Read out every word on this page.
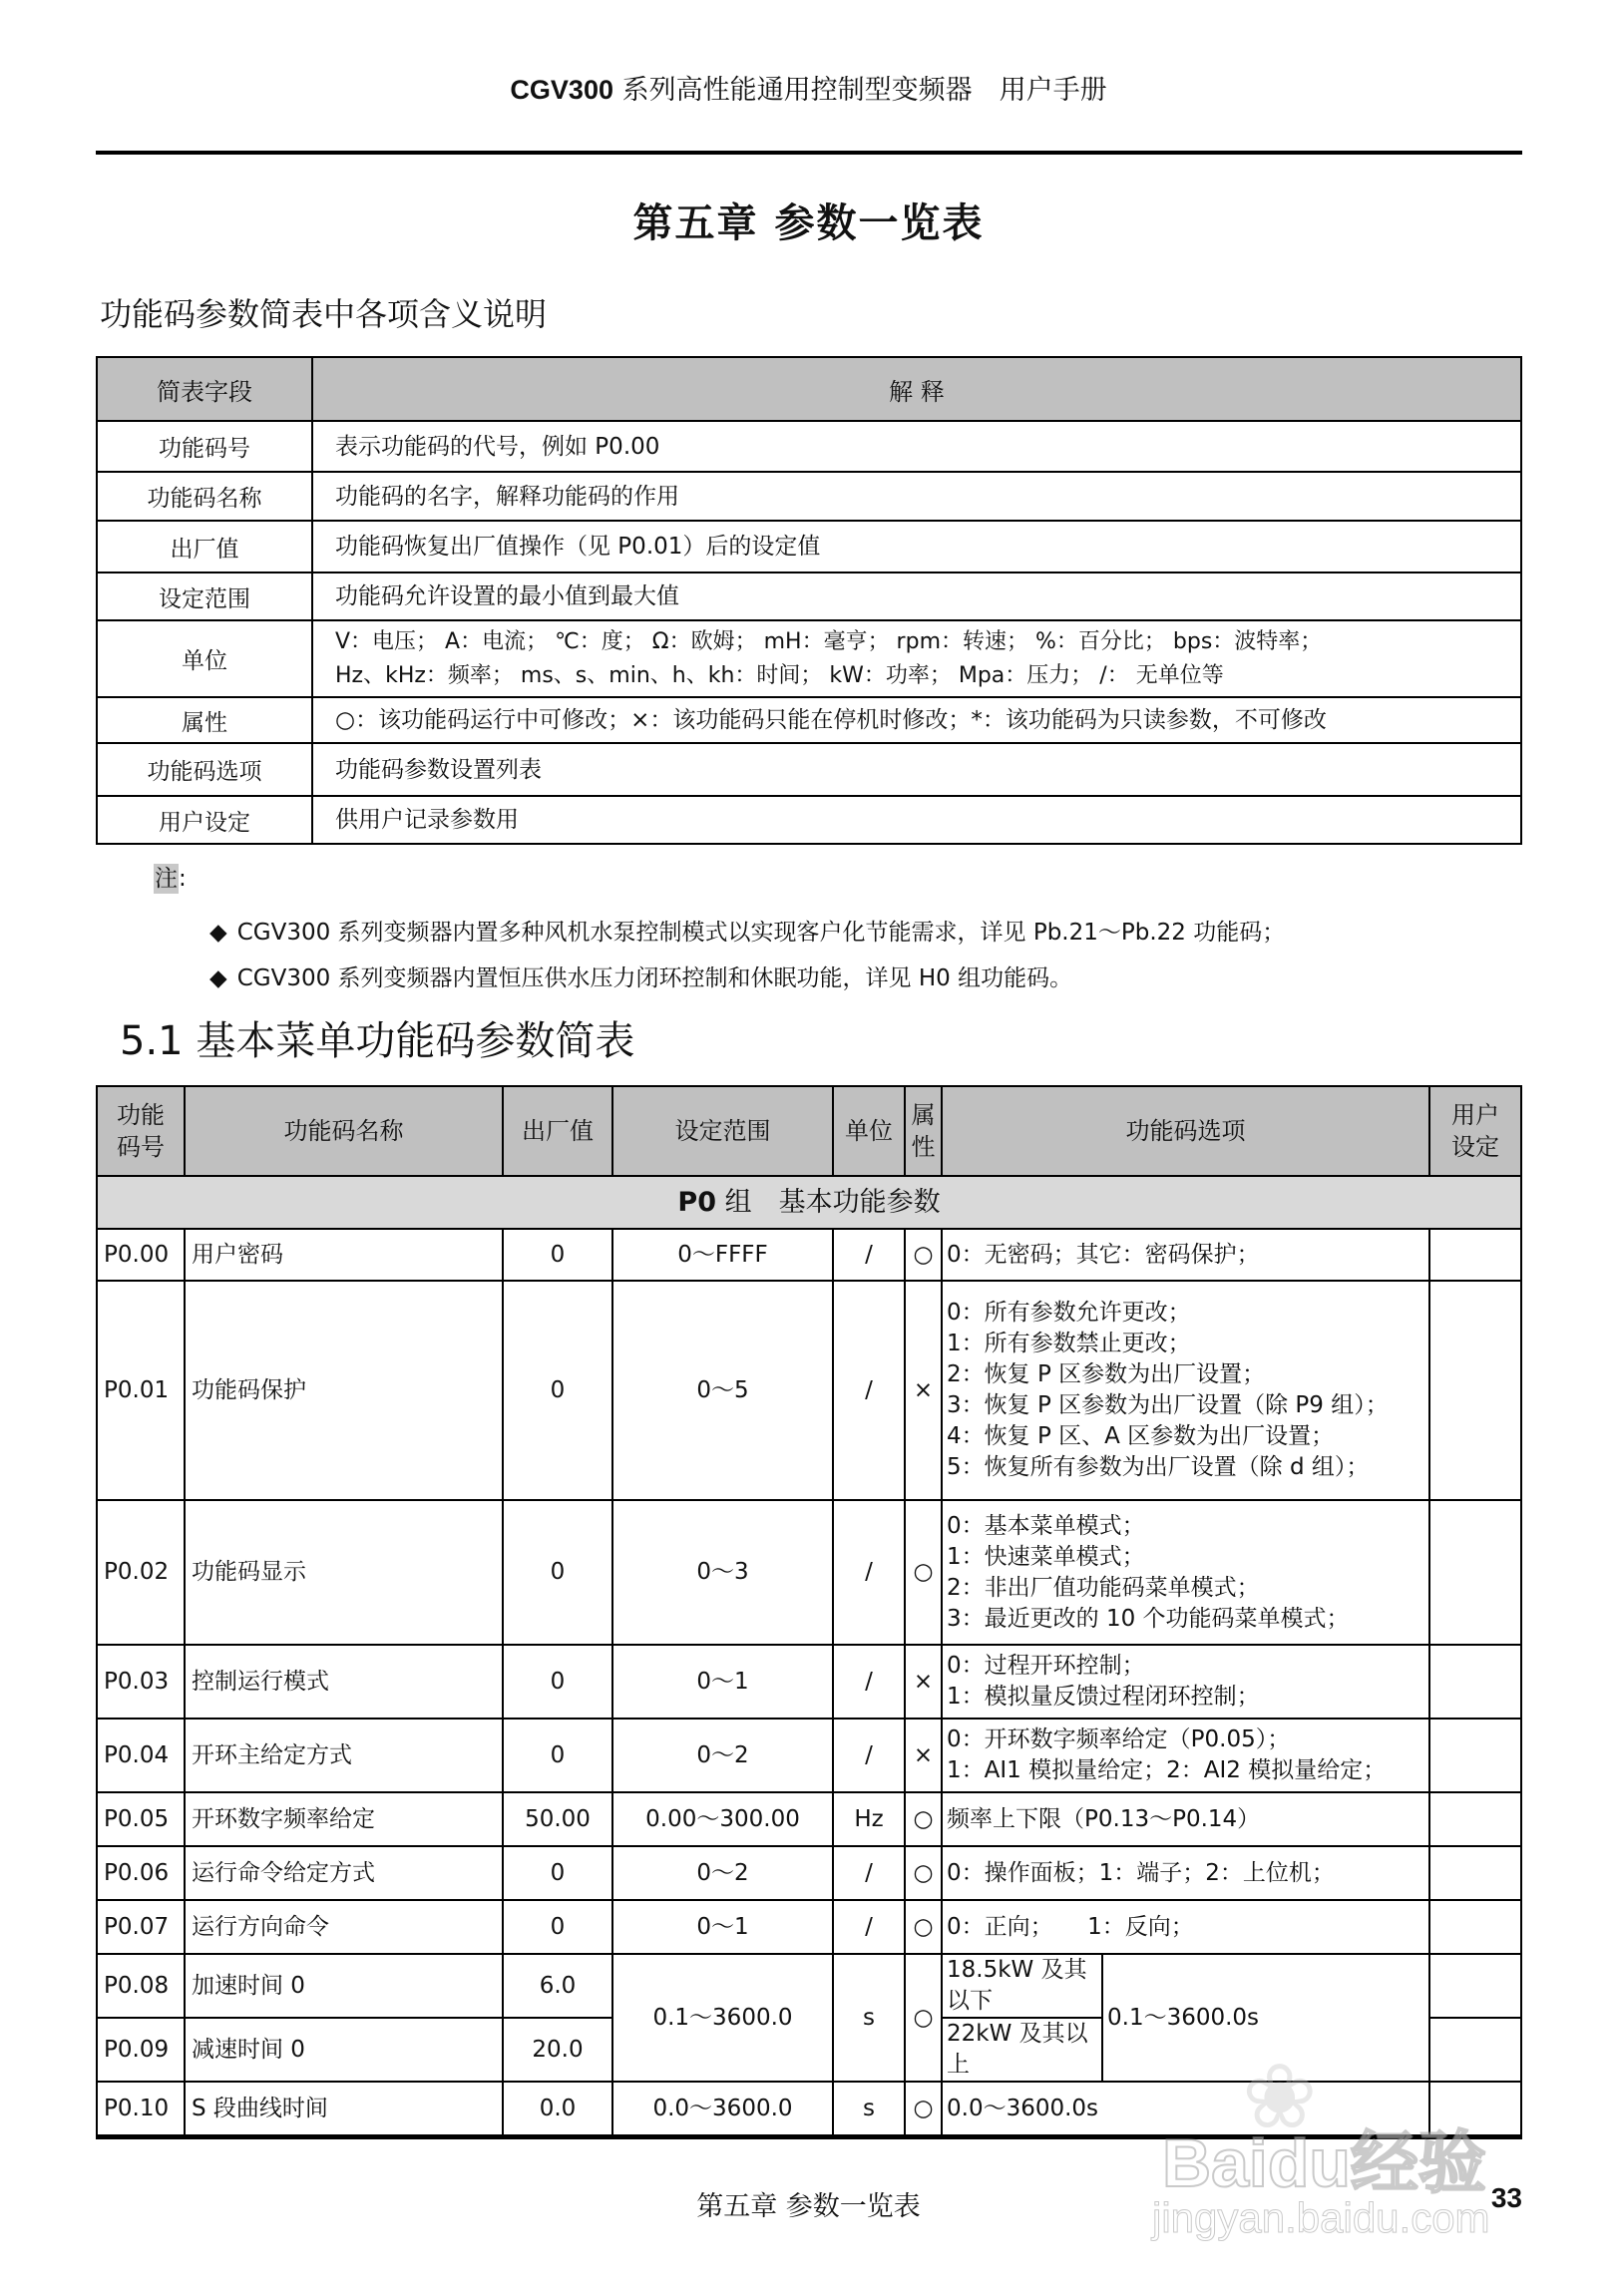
CGV300 系列高性能通用控制型变频器　用户手册
第五章 参数一览表
功能码参数简表中各项含义说明
简表字段	解 释
功能码号	表示功能码的代号，例如 P0.00
功能码名称	功能码的名字，解释功能码的作用
出厂值	功能码恢复出厂值操作（见 P0.01）后的设定值
设定范围	功能码允许设置的最小值到最大值
单位	V：电压； A：电流； ℃：度； Ω：欧姆； mH：毫亨； rpm：转速； %：百分比； bps：波特率；
Hz、kHz：频率； ms、s、min、h、kh：时间； kW：功率； Mpa：压力； /： 无单位等

属性	○：该功能码运行中可修改；×：该功能码只能在停机时修改；*：该功能码为只读参数，不可修改
功能码选项	功能码参数设置列表
用户设定	供用户记录参数用
注:
◆ CGV300 系列变频器内置多种风机水泵控制模式以实现客户化节能需求，详见 Pb.21～Pb.22 功能码；
◆ CGV300 系列变频器内置恒压供水压力闭环控制和休眠功能，详见 H0 组功能码。
5.1 基本菜单功能码参数简表
功能
码号
	功能码名称	出厂值	设定范围	单位	
属
性
	功能码选项	
用户
设定

P0 组　基本功能参数								
P0.00	用户密码	0	0～FFFF	/	○	0：无密码；其它：密码保护；		
P0.01	功能码保护	0	0～5	/	×	
0：所有参数允许更改；
1：所有参数禁止更改；
2：恢复 P 区参数为出厂设置；
3：恢复 P 区参数为出厂设置（除 P9 组）；
4：恢复 P 区、A 区参数为出厂设置；
5：恢复所有参数为出厂设置（除 d 组）；

P0.02	功能码显示	0	0～3	/	○	0：基本菜单模式；
1：快速菜单模式；
2：非出厂值功能码菜单模式；
3：最近更改的 10 个功能码菜单模式；		

P0.03	控制运行模式	0	0～1	/	×	0：过程开环控制；
1：模拟量反馈过程闭环控制；		

P0.04	开环主给定方式	0	0～2	/	×	0：开环数字频率给定（P0.05）；
1：AI1 模拟量给定；2：AI2 模拟量给定；		

P0.05	开环数字频率给定	50.00	0.00～300.00	Hz	○	频率上下限（P0.13～P0.14）		
P0.06	运行命令给定方式	0	0～2	/	○	0：操作面板；1：端子；2：上位机；		
P0.07	运行方向命令	0	0～1	/	○	0：正向；　　1：反向；		
P0.08	加速时间 0	6.0	0.1～3600.0	s	○	18.5kW 及其以下	0.1～3600.0s	
P0.09	减速时间 0	20.0				22kW 及其以上		
P0.10	S 段曲线时间	0.0	0.0～3600.0	s	○	0.0～3600.0s		
第五章 参数一览表	33
❀
Baidu经验
jingyan.baidu.com
